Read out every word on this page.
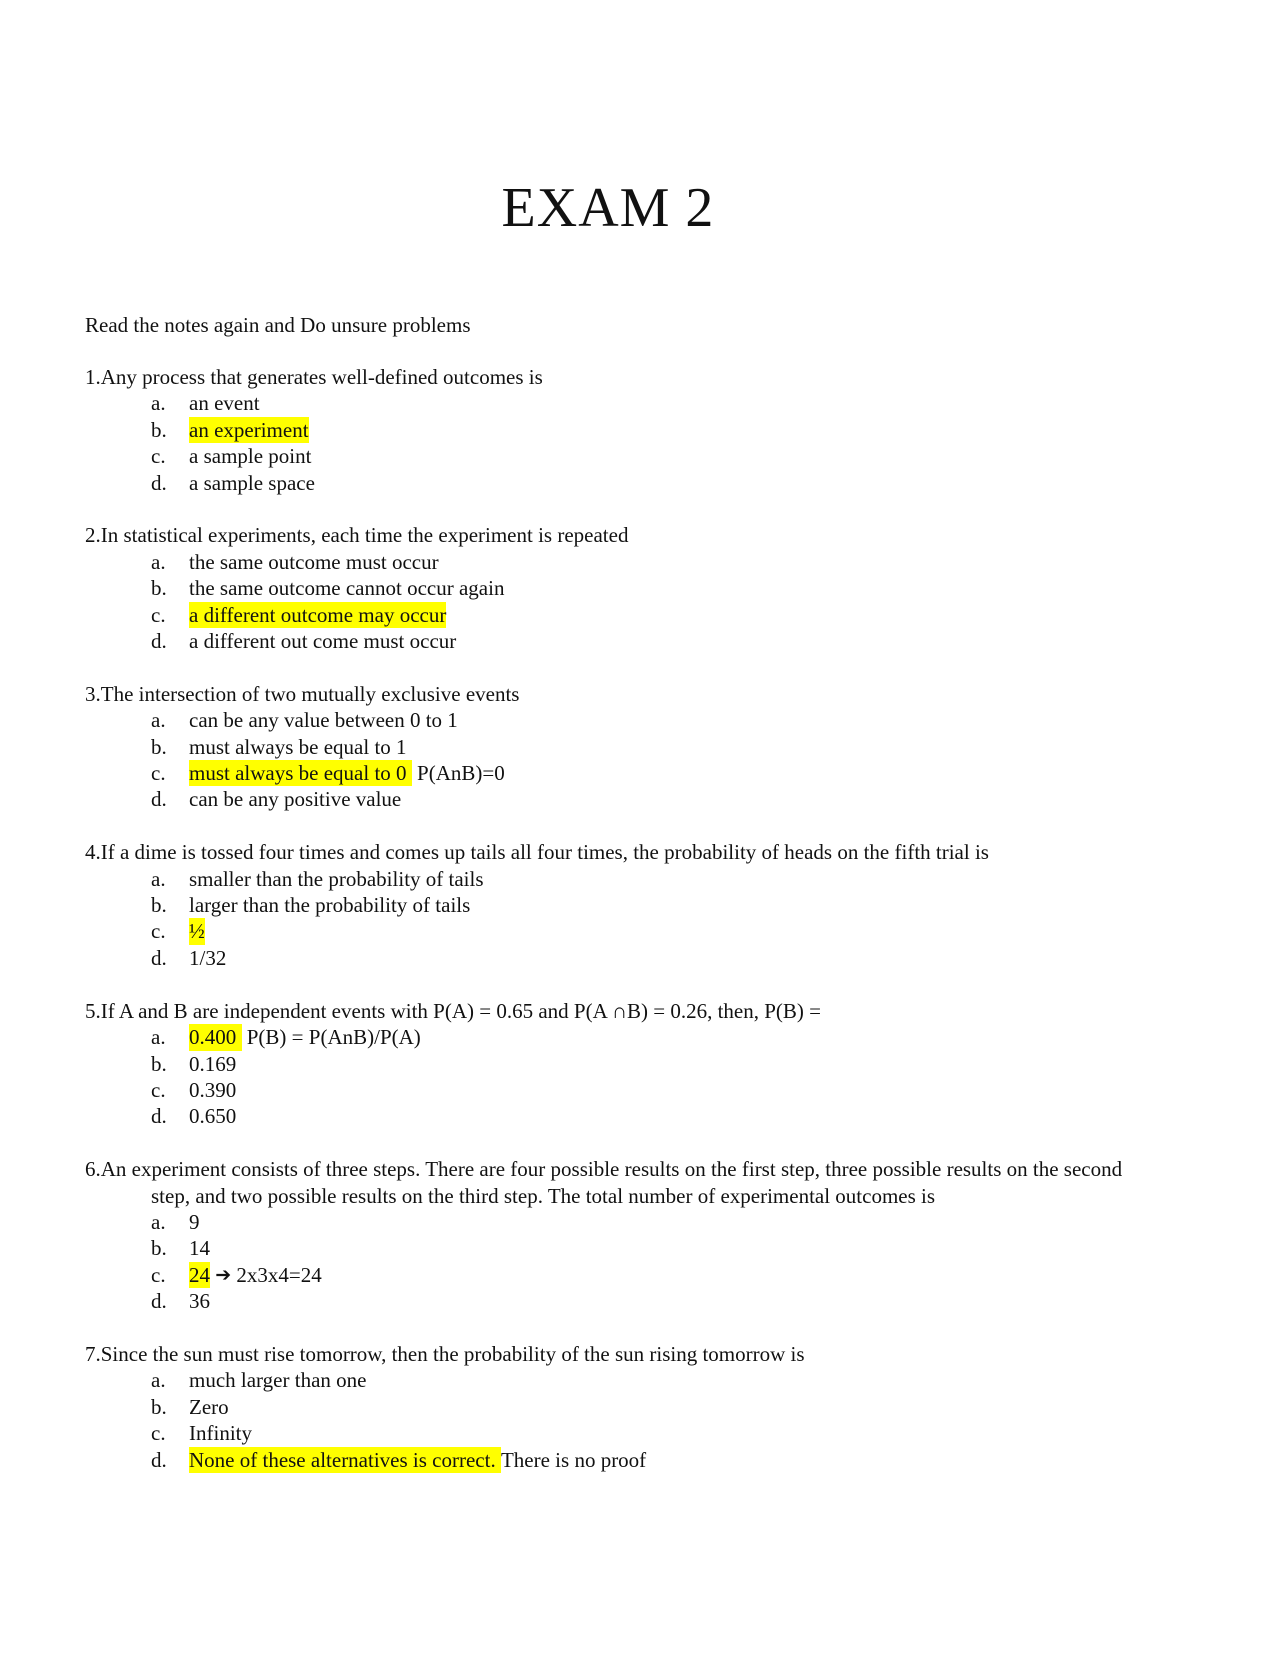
EXAM 2
Read the notes again and Do unsure problems
1.Any process that generates well-defined outcomes is
a.	an event
b.	an experiment
c.	a sample point
d.	a sample space
2.In statistical experiments, each time the experiment is repeated
a.	the same outcome must occur
b.	the same outcome cannot occur again
c.	a different outcome may occur
d.	a different out come must occur
3.The intersection of two mutually exclusive events
a.	can be any value between 0 to 1
b.	must always be equal to 1
c.	must always be equal to 0
P(AnB)=0
d.	can be any positive value
4.If a dime is tossed four times and comes up tails all four times, the probability of heads on the fifth trial is
a.	smaller than the probability of tails
b.	larger than the probability of tails
c.	½
d.	1/32
5.If A and B are independent events with P(A) = 0.65 and P(A ∩B) = 0.26, then, P(B) =
a.	0.400
P(B) = P(AnB)/P(A)
b.	0.169
c.	0.390
d.	0.650
6.An experiment consists of three steps. There are four possible results on the first step, three possible results on the second step, and two possible results on the third step. The total number of experimental outcomes is
a.	9
b.	14
c.	24
➔
2x3x4=24
d.	36
7.Since the sun must rise tomorrow, then the probability of the sun rising tomorrow is
a.	much larger than one
b.	Zero
c.	Infinity
d.	None of these alternatives is correct. There is no proof
